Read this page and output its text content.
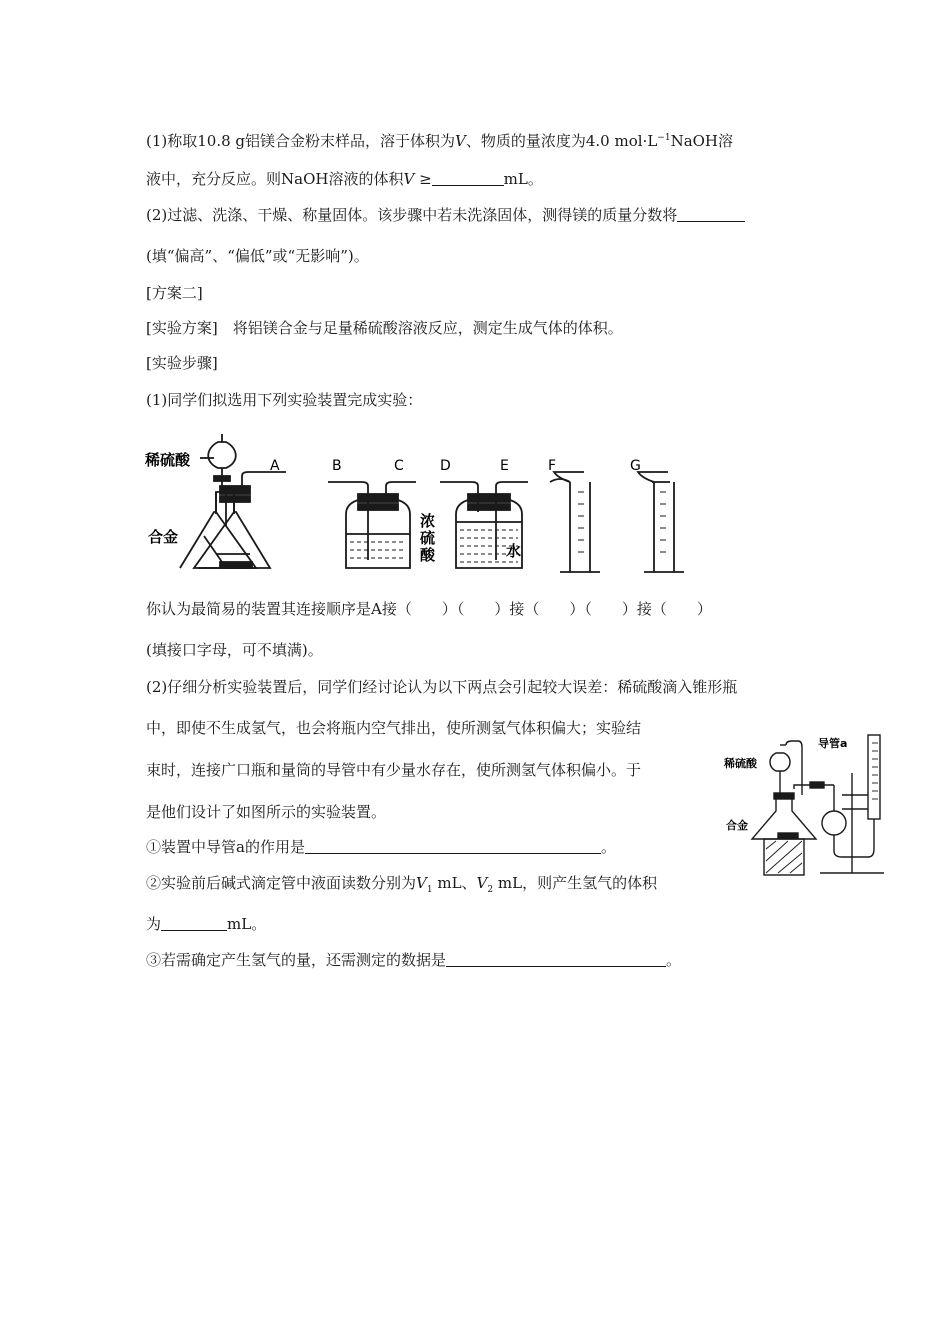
(1)称取10.8 g铝镁合金粉末样品，溶于体积为V、物质的量浓度为4.0 $mol\cdot L^{-1}NaOH$溶
液中，充分反应。则NaOH溶液的体积V ≥	mL。
(2)过滤、洗涤、干燥、称量固体。该步骤中若未洗涤固体，测得镁的质量分数将
(填“偏高”、“偏低”或“无影响”)。
[方案二]
[实验方案]　将铝镁合金与足量稀硫酸溶液反应，测定生成气体的体积。
[实验步骤]
(1)同学们拟选用下列实验装置完成实验：
稀硫酸
合金
浓
硫
酸	水
A	B	C	D	E	F	G
你认为最简易的装置其连接顺序是A接（　　）（　　）接（　　）（　　）接（　　）
(填接口字母，可不填满)。
(2)仔细分析实验装置后，同学们经讨论认为以下两点会引起较大误差：稀硫酸滴入锥形瓶
中，即使不生成氢气，也会将瓶内空气排出，使所测氢气体积偏大；实验结
束时，连接广口瓶和量筒的导管中有少量水存在，使所测氢气体积偏小。于
是他们设计了如图所示的实验装置。
①装置中导管a的作用是	。
②实验前后碱式滴定管中液面读数分别为$V_1$ mL、$V_2$ mL，则产生氢气的体积
为	mL。
③若需确定产生氢气的量，还需测定的数据是	。
稀硫酸
导管a
合金
